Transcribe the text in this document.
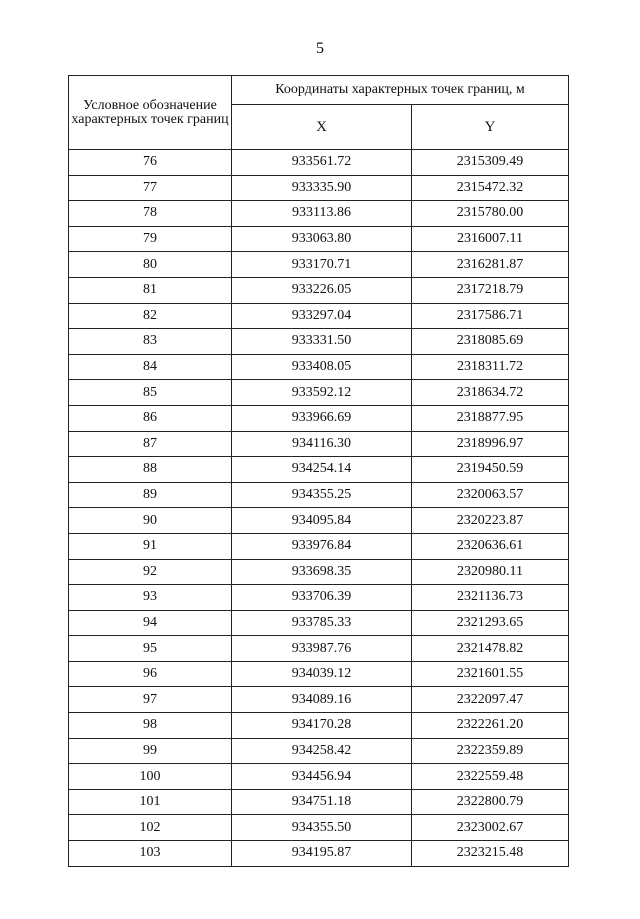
5
Условное обозначение характерных точек границ	Координаты характерных точек границ, м	
	X	Y
76	933561.72	2315309.49
77	933335.90	2315472.32
78	933113.86	2315780.00
79	933063.80	2316007.11
80	933170.71	2316281.87
81	933226.05	2317218.79
82	933297.04	2317586.71
83	933331.50	2318085.69
84	933408.05	2318311.72
85	933592.12	2318634.72
86	933966.69	2318877.95
87	934116.30	2318996.97
88	934254.14	2319450.59
89	934355.25	2320063.57
90	934095.84	2320223.87
91	933976.84	2320636.61
92	933698.35	2320980.11
93	933706.39	2321136.73
94	933785.33	2321293.65
95	933987.76	2321478.82
96	934039.12	2321601.55
97	934089.16	2322097.47
98	934170.28	2322261.20
99	934258.42	2322359.89
100	934456.94	2322559.48
101	934751.18	2322800.79
102	934355.50	2323002.67
103	934195.87	2323215.48
